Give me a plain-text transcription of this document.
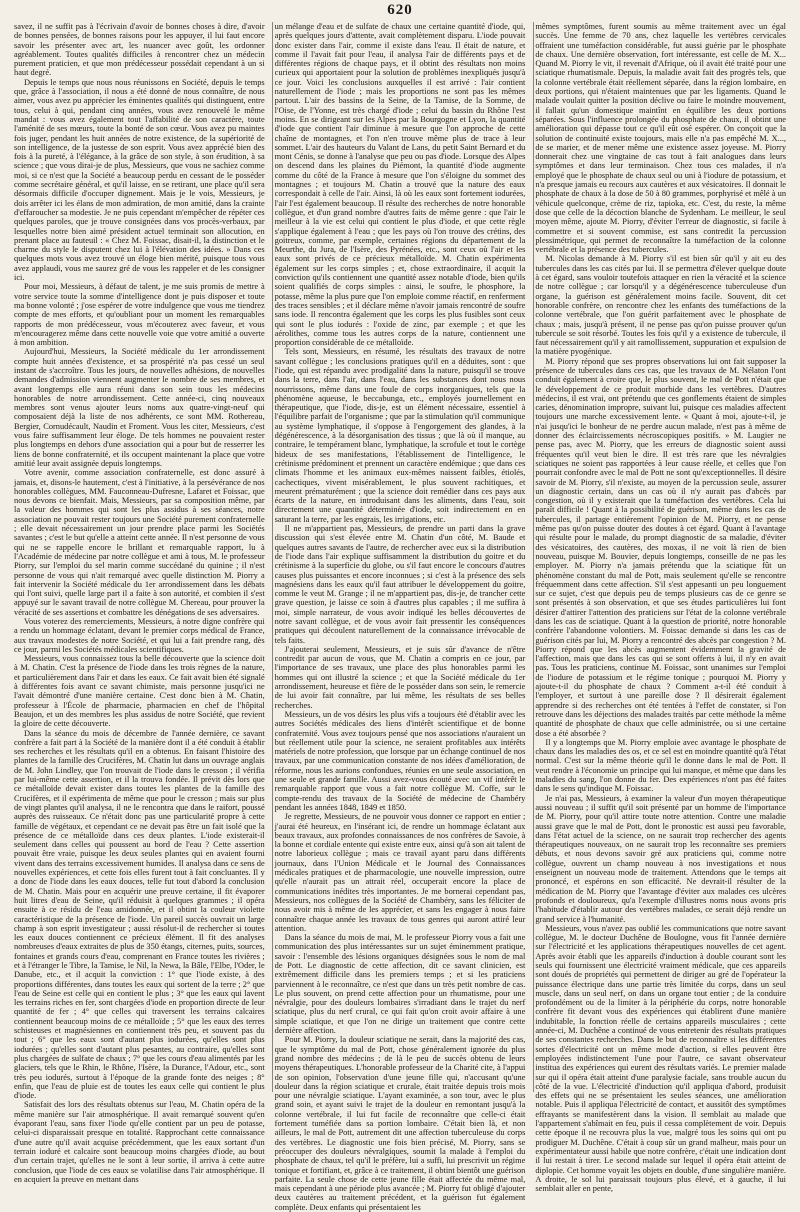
620

savez, il ne suffit pas à l'écrivain d'avoir de bonnes choses à dire, d'avoir de bonnes pensées, de bonnes raisons pour les appuyer, il lui faut encore savoir les présenter avec art, les nuancer avec goût, les ordonner agréablement. Toutes qualités difficiles à rencontrer chez un médecin purement praticien, et que mon prédécesseur possédait cependant à un si haut degré.

Depuis le temps que nous nous réunissons en Société, depuis le temps que, grâce à l'association, il nous a été donné de nous connaître, de nous aimer, vous avez pu apprécier les éminentes qualités qui distinguent, entre tous, celui à qui, pendant cinq années, vous avez renouvelé le même mandat : vous avez également tout l'affabilité de son caractère, toute l'aménité de ses mœurs, toute la bonté de son cœur. Vous avez pu maintes fois juger, pendant les huit années de notre existence, de la supériorité de son intelligence, de la justesse de son esprit. Vous avez apprécié bien des fois à la pureté, à l'élégance, à la grâce de son style, à son érudition, à sa science ; que vous dirai-je de plus, Messieurs, que vous ne sachiez comme moi, si ce n'est que la Société a beaucoup perdu en cessant de le posséder comme secrétaire général, et qu'il laisse, en se retirant, une place qu'il sera désormais difficile d'occuper dignement. Mais je le vois, Messieurs, je dois arrêter ici les élans de mon admiration, de mon amitié, dans la crainte d'effaroucher sa modestie. Je ne puis cependant m'empêcher de répéter ces quelques paroles, que je trouve consignées dans vos procès-verbaux, par lesquelles notre bien aimé président actuel terminait son allocution, en prenant place au fauteuil : « Chez M. Foissac, disait-il, la distinction et le charme du style le disputent chez lui à l'élévation des idées. » Dans ces quelques mots vous avez trouvé un éloge bien mérité, puisque tous vous avez applaudi, vous me saurez gré de vous les rappeler et de les consigner ici.

Pour moi, Messieurs, à défaut de talent, je me suis promis de mettre à votre service toute la somme d'intelligence dont je puis disposer et toute ma bonne volonté ; j'ose espérer de votre indulgence que vous me tiendrez compte de mes efforts, et qu'oubliant pour un moment les remarquables rapports de mon prédécesseur, vous m'écouterez avec faveur, et vous m'encouragerez même dans cette nouvelle voie que votre amitié a ouverte à mon ambition.

Aujourd'hui, Messieurs, la Société médicale du 1er arrondissement compte huit années d'existence, et sa prospérité n'a pas cessé un seul instant de s'accroître. Tous les jours, de nouvelles adhésions, de nouvelles demandes d'admission viennent augmenter le nombre de ses membres, et avant longtemps elle aura réuni dans son sein tous les médecins honorables de notre arrondissement. Cette année-ci, cinq nouveaux membres sont venus ajouter leurs noms aux quatre-vingt-neuf qui composaient déjà la liste de nos adhérents, ce sont MM. Rothereau, Bergier, Cornudécault, Naudin et Froment. Vous les citer, Messieurs, c'est vous faire suffisamment leur éloge. De tels hommes ne pouvaient rester plus longtemps en dehors d'une association qui a pour but de resserrer les liens de bonne confraternité, et ils occupent maintenant la place que votre amitié leur avait assignée depuis longtemps.

Votre avenir, comme association confraternelle, est donc assuré à jamais, et, disons-le hautement, c'est à l'initiative, à la persévérance de nos honorables collègues, MM. Fauconneau-Dufresne, Lafaret et Foissac, que nous devons ce bienfait. Mais, Messieurs, par sa composition même, par la valeur des hommes qui sont les plus assidus à ses séances, notre association ne pouvait rester toujours une Société purement confraternelle ; elle devait nécessairement un jour prendre place parmi les Sociétés savantes ; c'est le but qu'elle a atteint cette année. Il n'est personne de vous qui ne se rappelle encore le brillant et remarquable rapport, lu à l'Académie de médecine par notre collègue et ami à tous, M. le professeur Piorry, sur l'emploi du sel marin comme succédané du quinine ; il n'est personne de vous qui n'ait remarqué avec quelle distinction M. Piorry a fait intervenir la Société médicale du 1er arrondissement dans les débats qui l'ont suivi, quelle large part il a faite à son autorité, et combien il s'est appuyé sur le savant travail de notre collègue M. Chereau, pour prouver la véracité de ses assertions et combattre les dénégations de ses adversaires.

Vous voterez des remerciements, Messieurs, à notre digne confrère qui a rendu un hommage éclatant, devant le premier corps médical de France, aux travaux modestes de notre Société, et qui lui a fait prendre rang, dès ce jour, parmi les Sociétés médicales scientifiques.

Messieurs, vous connaissez tous la belle découverte que la science doit à M. Chatin. C'est la présence de l'iode dans les trois règnes de la nature, et particulièrement dans l'air et dans les eaux. Ce fait avait bien été signalé à différentes fois avant ce savant chimiste, mais personne jusqu'ici ne l'avait démontré d'une manière certaine. C'est donc bien à M. Chatin, professeur à l'École de pharmacie, pharmacien en chef de l'hôpital Beaujon, et un des membres les plus assidus de notre Société, que revient la gloire de cette découverte.

Dans la séance du mois de décembre de l'année dernière, ce savant confrère a fait part à la Société de la manière dont il a été conduit à établir ses recherches et les résultats qu'il en a obtenus. En faisant l'histoire des plantes de la famille des Crucifères, M. Chatin lut dans un ouvrage anglais de M. John Lindley, que l'on trouvait de l'iode dans le cresson ; il vérifia par lui-même cette assertion, et il la trouva fondée. Il prévit dès lors que ce métalloïde devait exister dans toutes les plantes de la famille des Crucifères, et il expérimenta de même que pour le cresson ; mais sur plus de vingt plantes qu'il analysa, il ne le rencontra que dans le raifort, poussé auprès des ruisseaux. Ce n'était donc pas une particularité propre à cette famille de végétaux, et cependant ce ne devait pas être un fait isolé que la présence de ce métalloïde dans ces deux plantes. L'iode existerait-il seulement dans celles qui poussent au bord de l'eau ? Cette assertion pouvait être vraie, puisque les deux seules plantes qui en avaient fourni vivent dans des terrains excessivement humides. Il analysa dans ce sens de nouvelles expériences, et cette fois elles furent tout à fait concluantes. Il y a donc de l'iode dans les eaux douces, telle fut tout d'abord la conclusion de M. Chatin. Mais pour en acquérir une preuve certaine, il fit évaporer huit litres d'eau de Seine, qu'il réduisit à quelques grammes ; il opéra ensuite à ce résidu de l'eau amidonnée, et il obtint la couleur violette caractéristique de la présence de l'iode. Un pareil succès ouvrait un large champ à son esprit investigateur ; aussi résolut-il de rechercher si toutes les eaux douces contiennent ce précieux élément. Il fit des analyses nombreuses d'eaux extraites de plus de 350 étangs, citernes, puits, sources, fontaines et grands cours d'eau, comprenant en France toutes les rivières ; et à l'étranger le Tibre, la Tamise, le Nil, la Newa, la Bâle, l'Elbe, l'Oder, le Danube, etc., et il acquit la conviction : 1° que l'iode existe, à des proportions différentes, dans toutes les eaux qui sortent de la terre ; 2° que l'eau de Seine est celle qui en contient le plus ; 3° que les eaux qui lavent les terrains riches en fer, sont chargées d'iode en proportion directe de leur quantité de fer ; 4° que celles qui traversent les terrains calcaires contiennent beaucoup moins de ce métalloïde ; 5° que les eaux des terres schisteuses et magnésiennes en contiennent très peu, et souvent pas du tout ; 6° que les eaux sont d'autant plus iodurées, qu'elles sont plus iodurées ; qu'elles sont d'autant plus pesantes, au contraire, qu'elles sont plus chargées de sulfate de chaux ; 7° que les cours d'eau alimentés par les glaciers, tels que le Rhin, le Rhône, l'Isère, la Durance, l'Adour, etc., sont très peu iodurés, surtout à l'époque de la grande fonte des neiges ; 8° enfin, que l'eau de pluie est de toutes les eaux celle qui contient le plus d'iode.

Satisfait des lors des résultats obtenus sur l'eau, M. Chatin opéra de la même manière sur l'air atmosphérique. Il avait remarqué souvent qu'en évaporant l'eau, sans fixer l'iode qu'elle contient par un peu de potasse, celui-ci disparaissait presque en totalité. Rapprochant cette connaissance d'une autre qu'il avait acquise précédemment, que les eaux sortant d'un terrain ioduré et calcaire sont beaucoup moins chargées d'iode, au bout d'un certain trajet, qu'elles ne le sont à leur sortie, il arriva à cette autre conclusion, que l'iode de ces eaux se volatilise dans l'air atmosphérique. Il en acquiert la preuve en mettant dans

un mélange d'eau et de sulfate de chaux une certaine quantité d'iode, qui, après quelques jours d'attente, avait complètement disparu. L'iode pouvait donc exister dans l'air, comme il existe dans l'eau. Il était de nature, et comme il l'avait fait pour l'eau, il analysa l'air de différents pays et de différentes régions de chaque pays, et il obtint des résultats non moins curieux qui apportaient pour la solution de problèmes inexpliqués jusqu'à ce jour. Voici les conclusions auxquelles il est arrivé : l'air contient naturellement de l'iode ; mais les proportions ne sont pas les mêmes partout. L'air des bassins de la Seine, de la Tamise, de la Somme, de l'Oise, de l'Yonne, est très chargé d'iode ; celui du bassin du Rhône l'est moins. En se dirigeant sur les Alpes par la Bourgogne et Lyon, la quantité d'iode que contient l'air diminue à mesure que l'on approche de cette chaîne de montagnes, et l'on n'en trouve même plus de trace à leur sommet. L'air des hauteurs du Valant de Lans, du petit Saint Bernard et du mont Cénis, se donne à l'analyse que peu ou pas d'iode. Lorsque des Alpes on descend dans les plaines du Piémont, la quantité d'iode augmente comme du côté de la France à mesure que l'on s'éloigne du sommet des montagnes ; et toujours M. Chatin a trouvé que la nature des eaux correspondait à celle de l'air. Ainsi, là où les eaux sont fortement iodurées, l'air l'est également beaucoup. Il résulte des recherches de notre honorable collègue, et d'un grand nombre d'autres faits de même genre : que l'air le meilleur à la vie est celui qui contient le plus d'iode, et que cette règle s'applique également à l'eau ; que les pays où l'on trouve des crétins, des goitreux, comme, par exemple, certaines régions du département de la Meurthe, du Jura, de l'Isère, des Pyrénées, etc., sont ceux où l'air et les eaux sont privés de ce précieux métalloïde. M. Chatin expérimenta également sur les corps simples ; et, chose extraordinaire, il acquit la conviction qu'ils contiennent une quantité assez notable d'iode, bien qu'ils soient qualifiés de corps simples : ainsi, le soufre, le phosphore, la potasse, même la plus pure que l'on emploie comme réactif, en renferment des traces sensibles ; et il déclare même n'avoir jamais rencontré de soufre sans iode. Il rencontra également que les corps les plus fusibles sont ceux qui sont le plus iodurés : l'oxide de zinc, par exemple ; et que les aérolithes, comme tous les autres corps de la nature, contiennent une proportion considérable de ce métalloïde.

Tels sont, Messieurs, en résumé, les résultats des travaux de notre savant collègue ; les conclusions pratiques qu'il en a déduites, sont : que l'iode, qui est répandu avec prodigalité dans la nature, puisqu'il se trouve dans la terre, dans l'air, dans l'eau, dans les substances dont nous nous nourrissons, même dans une foule de corps inorganiques, tels que la phénomène aqueuse, le beccabunga, etc., employés journellement en thérapeutique, que l'iode, dis-je, est un élément nécessaire, essentiel à l'équilibre parfait de l'organisme ; que par la stimulation qu'il communique au système lymphatique, il s'oppose à l'engorgement des glandes, à la dégénérescence, à la désorganisation des tissus ; que là où il manque, au contraire, le tempérament blanc, lymphatique, la scrofule et tout le cortège hideux de ses manifestations, l'établissement de l'intelligence, le crétinisme prédominent et prennent un caractère endémique ; que dans ces climats l'homme et les animaux eux-mêmes naissent faibles, étiolés, cachectiques, vivent misérablement, le plus souvent rachitiques, et meurent prématurément ; que la science doit remédier dans ces pays aux écarts de la nature, en introduisant dans les aliments, dans l'eau, soit directement une quantité déterminée d'iode, soit indirectement en en saturant la terre, par les engrais, les irrigations, etc.

Il ne m'appartient pas, Messieurs, de prendre un parti dans la grave discussion qui s'est élevée entre M. Chatin d'un côté, M. Baude et quelques autres savants de l'autre, de rechercher avec eux si la distribution de l'iode dans l'air explique suffisamment la distribution du goitre et du crétinisme à la superficie du globe, ou s'il faut encore le concours d'autres causes plus puissantes et encore inconnues ; si c'est à la présence des sels magnésiens dans les eaux qu'il faut attribuer le développement du goitre, comme le veut M. Grange ; il ne m'appartient pas, dis-je, de trancher cette grave question, je laisse ce soin à d'autres plus capables ; il me suffira à moi, simple narrateur, de vous avoir indiqué les belles découvertes de notre savant collègue, et de vous avoir fait pressentir les conséquences pratiques qui découlent naturellement de la connaissance irrévocable de tels faits.

J'ajouterai seulement, Messieurs, et je suis sûr d'avance de n'être contredit par aucun de vous, que M. Chatin a compris en ce jour, par l'importance de ses travaux, une place des plus honorables parmi les hommes qui ont illustré la science ; et que la Société médicale du 1er arrondissement, heureuse et fière de le posséder dans son sein, le remercie de lui avoir fait connaître, par lui même, les résultats de ses belles recherches.

Messieurs, un de vos désirs les plus vifs a toujours été d'établir avec les autres Sociétés médicales des liens d'intérêt scientifique et de bonne confraternité. Vous avez toujours pensé que nos associations n'auraient un but réellement utile pour la science, ne seraient profitables aux intérêts matériels de notre profession, que lorsque par un échange continuel de nos travaux, par une communication constante de nos idées d'amélioration, de réforme, nous les aurions confondues, réunies en une seule association, en une seule et grande famille. Aussi avez-vous écouté avec un vif intérêt le remarquable rapport que vous a fait notre collègue M. Coffe, sur le compte-rendu des travaux de la Société de médecine de Chambéry pendant les années 1848, 1849 et 1850.

Je regrette, Messieurs, de ne pouvoir vous donner ce rapport en entier ; j'aurai été heureux, en l'insérant ici, de rendre un hommage éclatant aux beaux travaux, aux profondes connaissances de nos confrères de Savoie, à la bonne et cordiale entente qui existe entre eux, ainsi qu'à son ait talent de notre laborieux collègue ; mais ce travail ayant paru dans différents journaux, dans l'Union Médicale et le Journal des Connaissances médicales pratiques et de pharmacologie, une nouvelle impression, outre qu'elle n'aurait pas un attrait réel, occuperait encore la place de communications inédites très importantes. Je me bornerai cependant pas, Messieurs, nos collègues de la Société de Chambéry, sans les féliciter de nous avoir mis à même de les apprécier, et sans les engager à nous faire connaître chaque année les travaux de tous genres qui auront attiré leur attention.

Dans la séance du mois de mai, M. le professeur Piorry vous a fait une communication des plus intéressantes sur un sujet éminemment pratique, savoir : l'ensemble des lésions organiques désignées sous le nom de mal de Pott. Le diagnostic de cette affection, dit ce savant clinicien, est extrêmement difficile dans les premiers temps ; et si les praticiens parviennent à le reconnaître, ce n'est que dans un très petit nombre de cas. Le plus souvent, on prend cette affection pour un rhumatisme, pour une névralgie, pour des douleurs lombaires s'irradiant dans le trajet du nerf sciatique, plus du nerf crural, ce qui fait qu'on croit avoir affaire à une simple sciatique, et que l'on ne dirige un traitement que contre cette dernière affection.

Pour M. Piorry, la douleur sciatique ne serait, dans la majorité des cas, que le symptôme du mal de Pott, chose généralement ignorée du plus grand nombre des médecins ; de là le peu de succès obtenu de leurs moyens thérapeutiques. L'honorable professeur de la Charité cite, à l'appui de son opinion, l'observation d'une jeune fille qui, n'accusant qu'une douleur dans la région sciatique et crurale, était traitée depuis trois mois pour une névralgie sciatique. L'ayant examinée, a son tour, avec le plus grand soin, et ayant suivi le trajet de la douleur en remontant jusqu'à la colonne vertébrale, il lui fut facile de reconnaître que celle-ci était fortement tuméfiée dans sa portion lombaire. C'était bien là, et non ailleurs, le mal de Pott, autrement dit une affection tuberculeuse du corps des vertèbres. Le diagnostic une fois bien précisé, M. Piorry, sans se préoccuper des douleurs névralgiques, soumit la malade à l'emploi du phosphate de chaux, tel qu'il le préfère, lui a suffi, lui prescrivit un régime tonique et fortifiant, et, grâce à ce traitement, il obtint bientôt une guérison parfaite. La seule chose de cette jeune fille était affectée du même mal, mais cependant à une période plus avancée ; M. Piorry fut obligé d'ajouter deux cautères au traitement précédent, et la guérison fut également complète. Deux enfants qui présentaient les

mêmes symptômes, furent soumis au même traitement avec un égal succès. Une femme de 70 ans, chez laquelle les vertèbres cervicales offraient une tuméfaction considérable, fut aussi guérie par le phosphate de chaux. Une dernière observation, fort intéressante, est celle de M. X... Quand M. Piorry le vit, il revenait d'Afrique, où il avait été traité pour une sciatique rhumatismale. Depuis, la maladie avait fait des progrès tels, que la colonne vertébrale était réellement séparée, dans la région lombaire, en deux portions, qui n'étaient maintenues que par les ligaments. Quand le malade voulait quitter la position déclive ou faire le moindre mouvement, il fallait qu'un domestique maintînt en équilibre les deux portions séparées. Sous l'influence prolongée du phosphate de chaux, il obtint une amélioration qui dépasse tout ce qu'il eût osé espérer. On conçoit que la solution de continuité existe toujours, mais elle n'a pas empêché M. X..., de se marier, et de mener même une existence assez joyeuse. M. Piorry donnerait chez une vingtaine de cas tout à fait analogues dans leurs symptômes et dans leur terminaison. Chez tous ces malades, il n'a employé que le phosphate de chaux seul ou uni à l'iodure de potassium, et n'a presque jamais eu recours aux cautères et aux vésicatoires. Il donnait le phosphate de chaux à la dose de 50 à 80 grammes, porphyrisé et mêlé à un véhicule quelconque, crème de riz, tapioka, etc. C'est, du reste, la même dose que celle de la décoction blanche de Sydenham. Le meilleur, le seul moyen même, ajoute M. Piorry, d'éviter l'erreur de diagnostic, si facile à commettre et si souvent commise, est sans contredit la percussion plessimétrique, qui permet de reconnaître la tuméfaction de la colonne vertébrale et la présence des tubercules.

M. Nicolas demande à M. Piorry s'il est bien sûr qu'il y ait eu des tubercules dans les cas cités par lui. Il se permettra d'élever quelque doute à cet égard, sans vouloir toutefois attaquer en rien la véracité et la science de notre collègue ; car lorsqu'il y a dégénérescence tuberculeuse d'un organe, la guérison est généralement moins facile. Souvent, dit cet honorable confrère, on rencontre chez les enfants des tuméfactions de la colonne vertébrale, que l'on guérit parfaitement avec le phosphate de chaux ; mais, jusqu'à présent, il ne pense pas qu'on puisse prouver qu'un tubercule se soit résorbé. Toutes les fois qu'il y a existence de tubercule, il faut nécessairement qu'il y ait ramollissement, suppuration et expulsion de la matière pyogénique.

M. Piorry répond que ses propres observations lui ont fait supposer la présence de tubercules dans ces cas, que les travaux de M. Nélaton l'ont conduit également à croire que, le plus souvent, le mal de Pott n'était que le développement de ce produit morbide dans les vertèbres. D'autres médecins, il est vrai, ont prétendu que ces gonflements étaient de simples caries, dénomination impropre, suivant lui, puisque ces maladies affectent toujours une marche excessivement lente. « Quant à moi, ajoute-t-il, je n'ai jusqu'ici le bonheur de ne perdre aucun malade, n'est pas à même de donner des éclaircissements nécroscopiques positifs. » M. Laugier ne pense pas, avec M. Piorry, que les erreurs de diagnostic soient aussi fréquentes qu'il veut bien le dire. Il est très rare que les névralgies sciatiques ne soient pas rapportées à leur cause réelle, et celles que l'on pourrait confondre avec le mal de Pott ne sont qu'exceptionnelles. Il désire savoir de M. Piorry, s'il n'existe, au moyen de la percussion seule, assurer un diagnostic certain, dans un cas où il n'y aurait pas d'abcès par congestion, où il y existerait que la tuméfaction des vertèbres. Cela lui paraît difficile ! Quant à la possibilité de guérison, même dans les cas de tubercules, il partage entièrement l'opinion de M. Piorry, et ne pense même pas qu'on puisse douter des doutes à cet égard. Quant à l'avantage qui résulte pour le malade, du prompt diagnostic de sa maladie, d'éviter des vésicatoires, des cautères, des moxas, il ne voit là rien de bien nouveau, puisque M. Bouvier, depuis longtemps, conseille de ne pas les employer. M. Piorry n'a jamais prétendu que la sciatique fût un phénomène constant du mal de Pott, mais seulement qu'elle se rencontre fréquemment dans cette affection. S'il s'est appesanti un peu longuement sur ce sujet, c'est que depuis peu de temps plusieurs cas de ce genre se sont présentés à son observation, et que ses études particulières lui font désirer d'attirer l'attention des praticiens sur l'état de la colonne vertébrale dans les cas de sciatique. Quant à la question de priorité, notre honorable confrère l'abandonne volontiers. M. Foissac demande si dans les cas de guérison cités par lui, M. Piorry a rencontré des abcès par congestion ? M. Piorry répond que les abcès augmentent évidemment la gravité de l'affection, mais que dans les cas qui se sont offerts à lui, il n'y en avait pas. Tous les praticiens, continue M. Foissac, sont unanimes sur l'emploi de l'iodure de potassium et le régime tonique ; pourquoi M. Piorry y ajoute-t-il du phosphate de chaux ? Comment a-t-il été conduit à l'employer, et surtout à une pareille dose ? Il désirerait également apprendre si des recherches ont été tentées à l'effet de constater, si l'on retrouve dans les déjections des malades traités par cette méthode la même quantité de phosphate de chaux que celle administrée, ou si une certaine dose a été absorbée ?

Il y a longtemps que M. Piorry emploie avec avantage le phosphate de chaux dans les maladies des os, et ce sel est en moindre quantité qu'à l'état normal. C'est sur la même théorie qu'il le donne dans le mal de Pott. Il veut rendre à l'économie un principe qui lui manque, et même que dans les maladies du sang, l'on donne du fer. Des expériences n'ont pas été faites dans le sens qu'indique M. Foissac.

Je n'ai pas, Messieurs, à examiner la valeur d'un moyen thérapeutique aussi nouveau ; il suffit qu'il soit présenté par un homme de l'importance de M. Piorry, pour qu'il attire toute notre attention. Contre une maladie aussi grave que le mal de Pott, dont le pronostic est aussi peu favorable, dans l'état actuel de la science, on ne saurait trop rechercher des agents thérapeutiques nouveaux, on ne saurait trop les reconnaître ses premiers débuts, et nous devons savoir gré aux praticiens qui, comme notre collègue, ouvrent un champ nouveau à nos investigations et nous enseignent un nouveau mode de traitement. Attendons que le temps ait prononcé, et espérons en son efficacité. Ne devrait-il résulter de la médication de M. Piorry que l'avantage d'éviter aux malades ces ulcères profonds et douloureux, qu'a l'exemple d'illustres noms nous avons pris l'habitude d'établir autour des vertèbres malades, ce serait déjà rendre un grand service à l'humanité.

Messieurs, vous n'avez pas oublié les communications que notre savant collègue, M. le docteur Duchêne de Boulogne, vous fit l'année dernière sur l'électricité et les applications thérapeutiques nouvelles de cet agent. Après avoir établi que les appareils d'induction à double courant sont les seuls qui fournissent une électricité vraiment médicale, que ces appareils sont doués de propriétés qui permettent de diriger au gré de l'opérateur la puissance électrique dans une partie très limitée du corps, dans un seul muscle, dans un seul nerf, on dans un organe tout entier ; de la conduire profondément ou de la limiter à la périphérie du corps, notre honorable confrère fit devant vous des expériences qui établirent d'une manière indubitable, la fonction réelle de certains appareils musculaires ; cette année-ci, M. Duchêne a continué de vous entretenir des résultats pratiques de ses constantes recherches. Dans le but de reconnaître si les différentes sortes d'électricité ont un même mode d'action, si elles peuvent être employées indistinctement l'une pour l'autre, ce savant observateur institua des expériences qui eurent des résultats variés. Le premier malade sur qui il opéra était atteint d'une paralysie faciale, sans trouble aucun du côté de la vue. L'électricité d'induction qu'il appliqua d'abord, produisit des effets qui ne se présentaient les seules séances, une amélioration notable. Puis il appliqua l'électricité de contact, et aussitôt des symptômes effrayants se manifestèrent dans la vision. Il semblait au malade que l'appartement s'abîmait en feu, puis il cessa complètement de voir. Depuis cette époque il ne recouvra plus la vue, malgré tous les soins qui ont pu prodiguer M. Duchêne. C'était à coup sûr un grand malheur, mais pour un expérimentateur aussi habile que notre confrère, c'était une indication dont il lui restait à tirer. Le second malade sur lequel il opéra était atteint de diplopie. Cet homme voyait les objets en double, d'une singulière manière. A droite, le sol lui paraissait toujours plus élevé, et à gauche, il lui semblait aller en pente,
